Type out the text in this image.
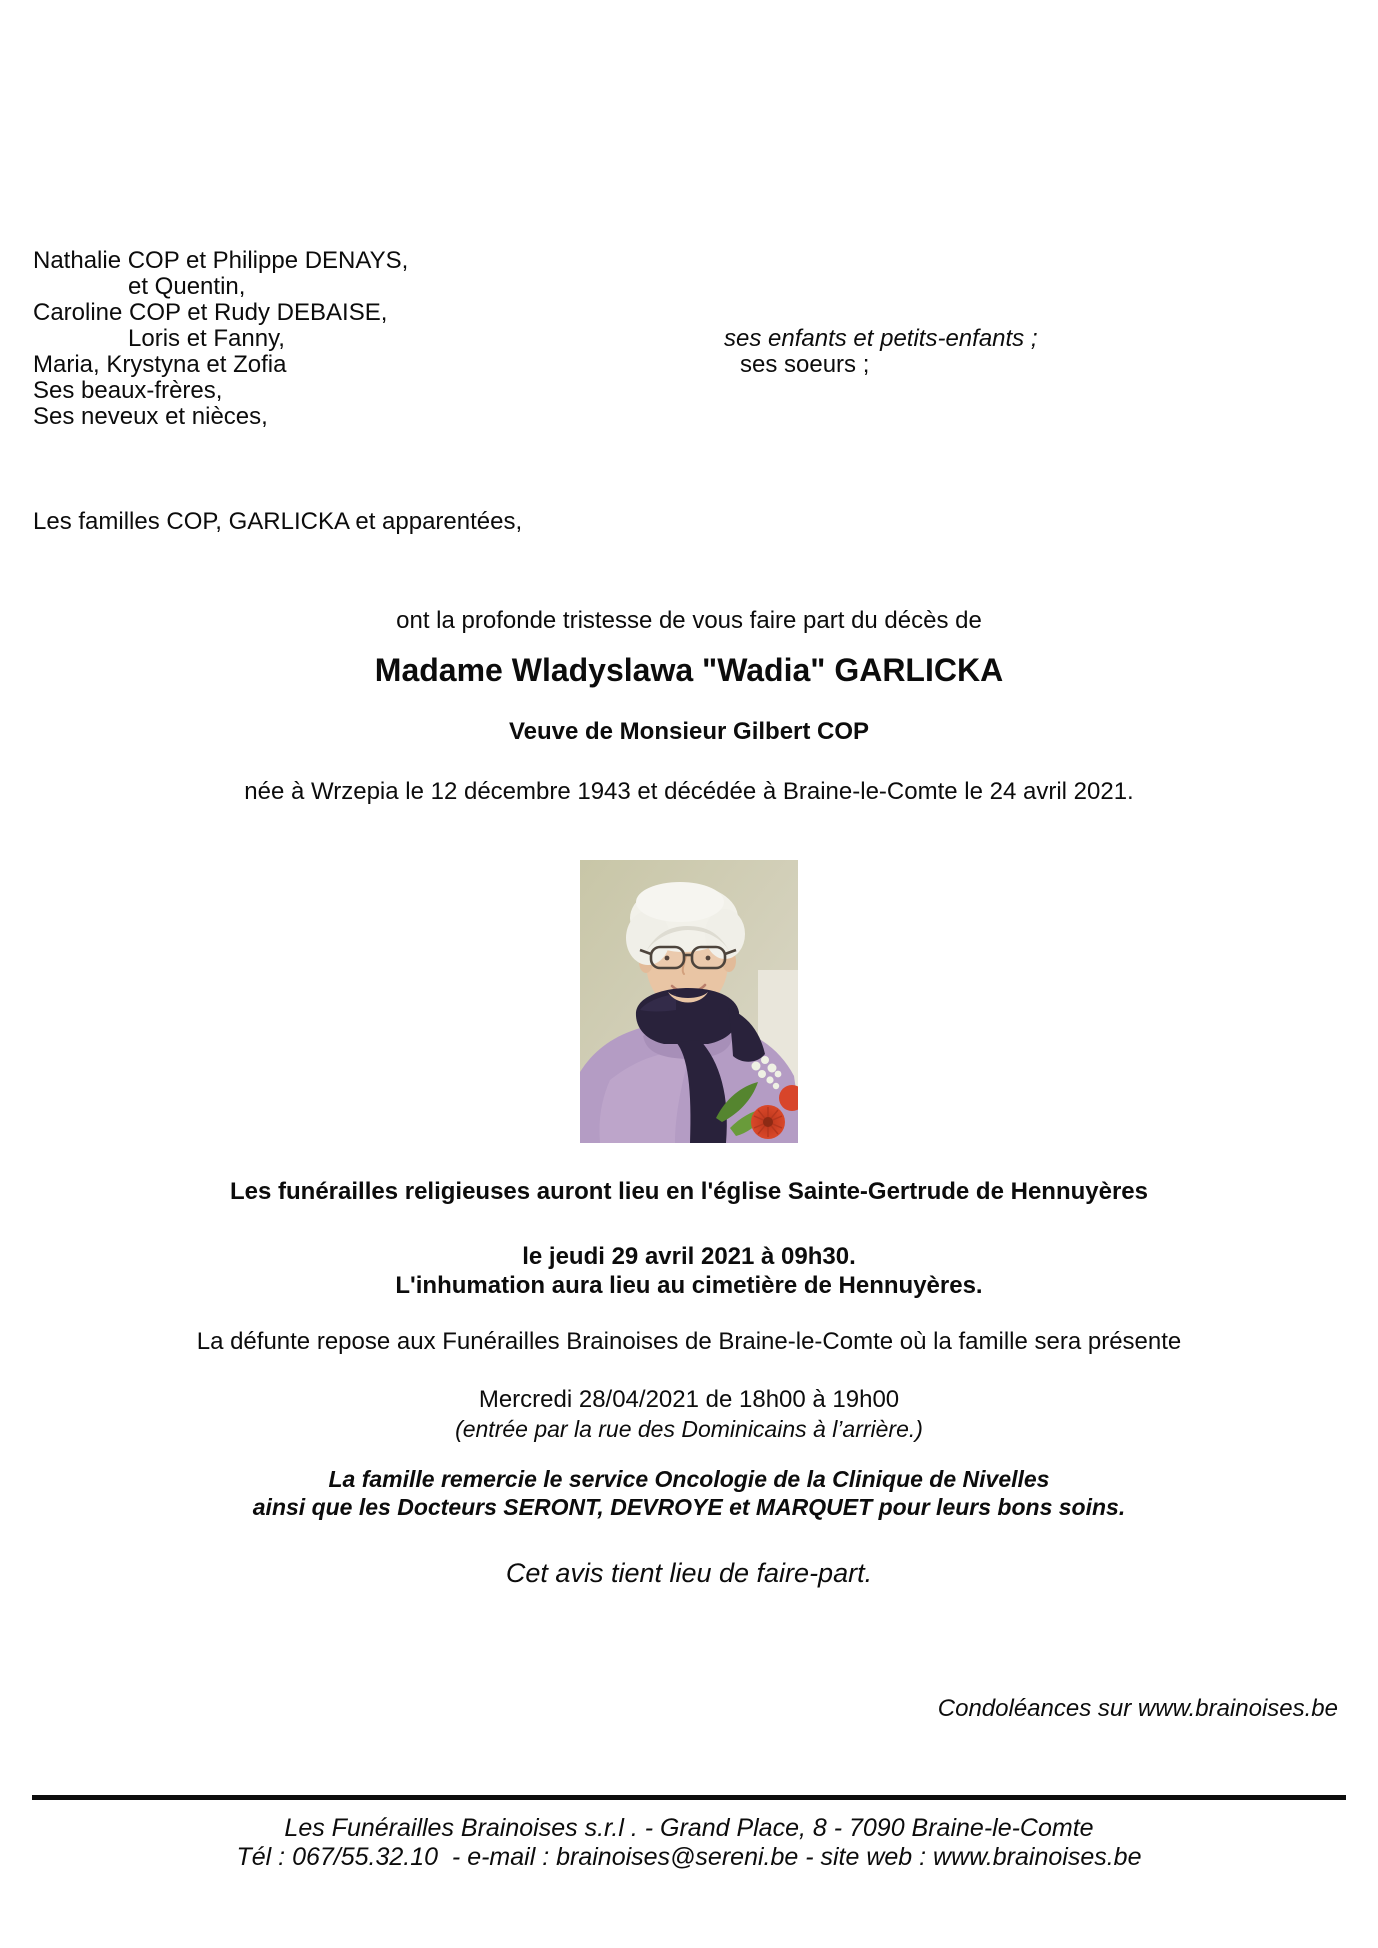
Nathalie COP et Philippe DENAYS,
et Quentin,
Caroline COP et Rudy DEBAISE,
Loris et Fanny,
Maria, Krystyna et Zofia
Ses beaux-frères,
Ses neveux et nièces,
ses enfants et petits-enfants ;
ses soeurs ;
Les familles COP, GARLICKA et apparentées,
ont la profonde tristesse de vous faire part du décès de
Madame Wladyslawa "Wadia" GARLICKA
Veuve de Monsieur Gilbert COP
née à Wrzepia le 12 décembre 1943 et décédée à Braine-le-Comte le 24 avril 2021.
Les funérailles religieuses auront lieu en l'église Sainte-Gertrude de Hennuyères
le jeudi 29 avril 2021 à 09h30.
L'inhumation aura lieu au cimetière de Hennuyères.
La défunte repose aux Funérailles Brainoises de Braine-le-Comte où la famille sera présente
Mercredi 28/04/2021 de 18h00 à 19h00
(entrée par la rue des Dominicains à l’arrière.)
La famille remercie le service Oncologie de la Clinique de Nivelles
ainsi que les Docteurs SERONT, DEVROYE et MARQUET pour leurs bons soins.
Cet avis tient lieu de faire-part.
Condoléances sur www.brainoises.be
Les Funérailles Brainoises s.r.l . - Grand Place, 8 - 7090 Braine-le-Comte
Tél : 067/55.32.10  - e-mail : brainoises@sereni.be - site web : www.brainoises.be
